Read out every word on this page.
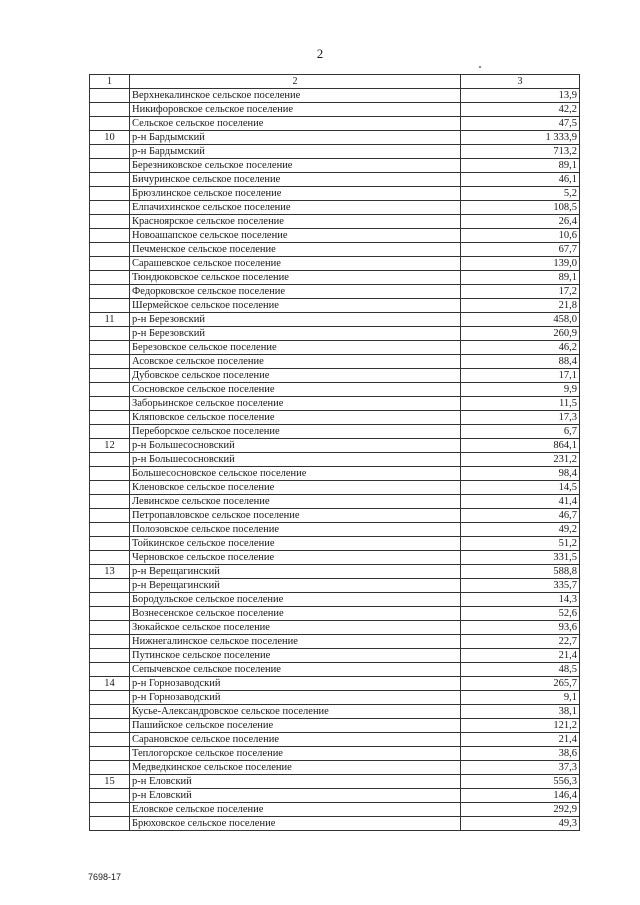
2
1	2	3
	Верхнекалинское сельское поселение	13,9
	Никифоровское сельское поселение	42,2
	Сельское сельское поселение	47,5
10	р-н Бардымский	1 333,9
	р-н Бардымский	713,2
	Березниковское сельское поселение	89,1
	Бичуринское сельское поселение	46,1
	Брюзлинское сельское поселение	5,2
	Елпачихинское сельское поселение	108,5
	Красноярское сельское поселение	26,4
	Новоашапское сельское поселение	10,6
	Печменское сельское поселение	67,7
	Сарашевское сельское поселение	139,0
	Тюндюковское сельское поселение	89,1
	Федорковское сельское поселение	17,2
	Шермейское сельское поселение	21,8
11	р-н Березовский	458,0
	р-н Березовский	260,9
	Березовское сельское поселение	46,2
	Асовское сельское поселение	88,4
	Дубовское сельское поселение	17,1
	Сосновское сельское поселение	9,9
	Заборьинское сельское поселение	11,5
	Кляповское сельское поселение	17,3
	Переборское сельское поселение	6,7
12	р-н Большесосновский	864,1
	р-н Большесосновский	231,2
	Большесосновское сельское поселение	98,4
	Кленовское сельское поселение	14,5
	Левинское сельское поселение	41,4
	Петропавловское сельское поселение	46,7
	Полозовское сельское поселение	49,2
	Тойкинское сельское поселение	51,2
	Черновское сельское поселение	331,5
13	р-н Верещагинский	588,8
	р-н Верещагинский	335,7
	Бородульское сельское поселение	14,3
	Вознесенское сельское поселение	52,6
	Зюкайское сельское поселение	93,6
	Нижнегалинское сельское поселение	22,7
	Путинское сельское поселение	21,4
	Сепычевское сельское поселение	48,5
14	р-н Горнозаводский	265,7
	р-н Горнозаводский	9,1
	Кусье-Александровское сельское поселение	38,1
	Пашийское сельское поселение	121,2
	Сарановское сельское поселение	21,4
	Теплогорское сельское поселение	38,6
	Медведкинское сельское поселение	37,3
15	р-н Еловский	556,3
	р-н Еловский	146,4
	Еловское сельское поселение	292,9
	Брюховское сельское поселение	49,3
7698-17
